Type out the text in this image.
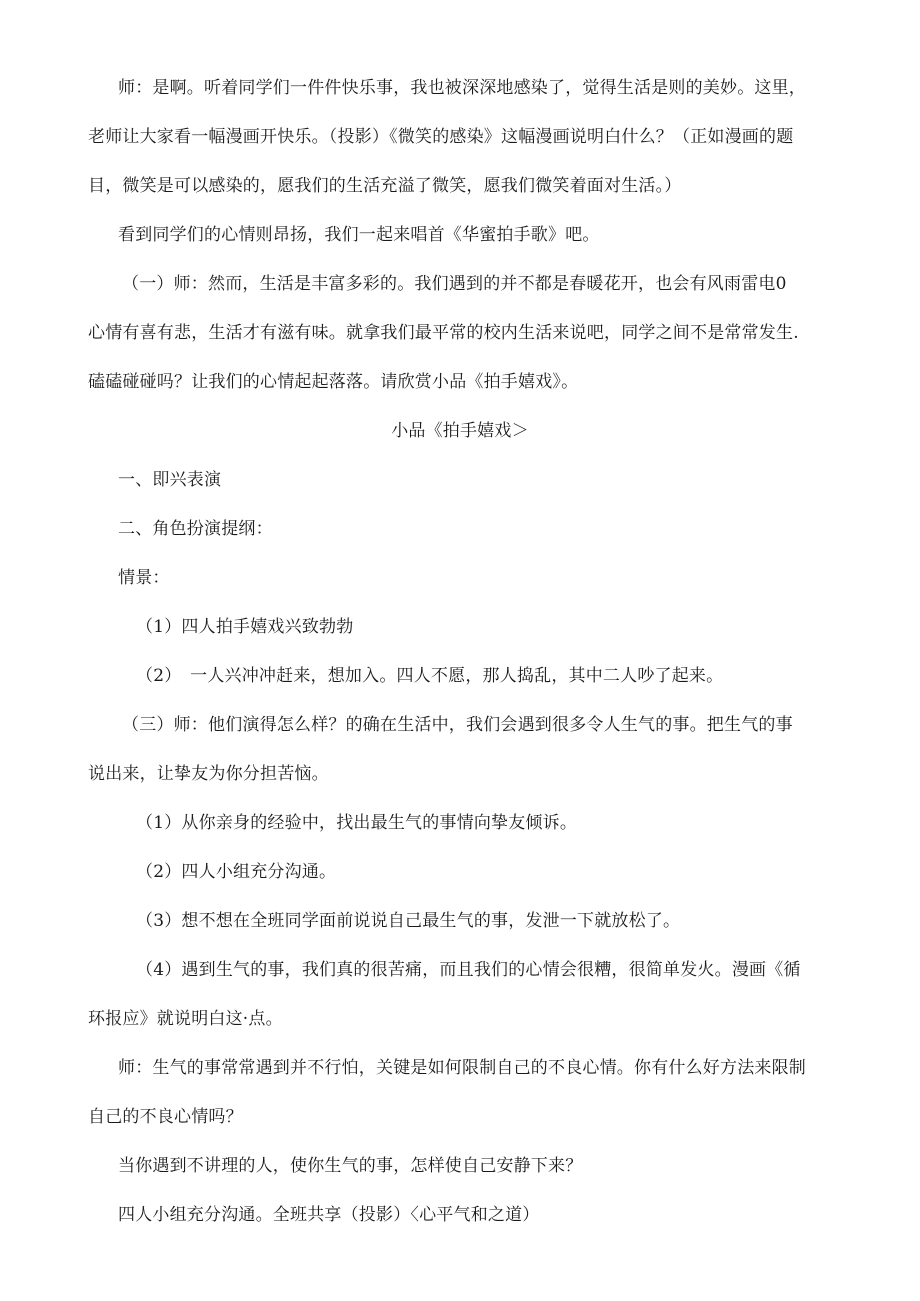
师：是啊。听着同学们一件件快乐事，我也被深深地感染了，觉得生活是则的美妙。这里，
老师让大家看一幅漫画开快乐。（投影）《微笑的感染》这幅漫画说明白什么？（正如漫画的题
目，微笑是可以感染的，愿我们的生活充溢了微笑，愿我们微笑着面对生活。）
看到同学们的心情则昂扬，我们一起来唱首《华蜜拍手歌》吧。
（一）师：然而，生活是丰富多彩的。我们遇到的并不都是春暖花开，也会有风雨雷电0
心情有喜有悲，生活才有滋有味。就拿我们最平常的校内生活来说吧，同学之间不是常常发生.
磕磕碰碰吗？让我们的心情起起落落。请欣赏小品《拍手嬉戏》。
小品《拍手嬉戏＞
一、即兴表演
二、角色扮演提纲：
情景：
（1）四人拍手嬉戏兴致勃勃
（2）　一人兴冲冲赶来，想加入。四人不愿，那人捣乱，其中二人吵了起来。
（三）师：他们演得怎么样？的确在生活中，我们会遇到很多令人生气的事。把生气的事
说出来，让挚友为你分担苦恼。
（1）从你亲身的经验中，找出最生气的事情向挚友倾诉。
（2）四人小组充分沟通。
（3）想不想在全班同学面前说说自己最生气的事，发泄一下就放松了。
（4）遇到生气的事，我们真的很苦痛，而且我们的心情会很糟，很简单发火。漫画《循
环报应》就说明白这·点。
师：生气的事常常遇到并不行怕，关键是如何限制自己的不良心情。你有什么好方法来限制
自己的不良心情吗？
当你遇到不讲理的人，使你生气的事，怎样使自己安静下来？
四人小组充分沟通。全班共享（投影）〈心平气和之道）
